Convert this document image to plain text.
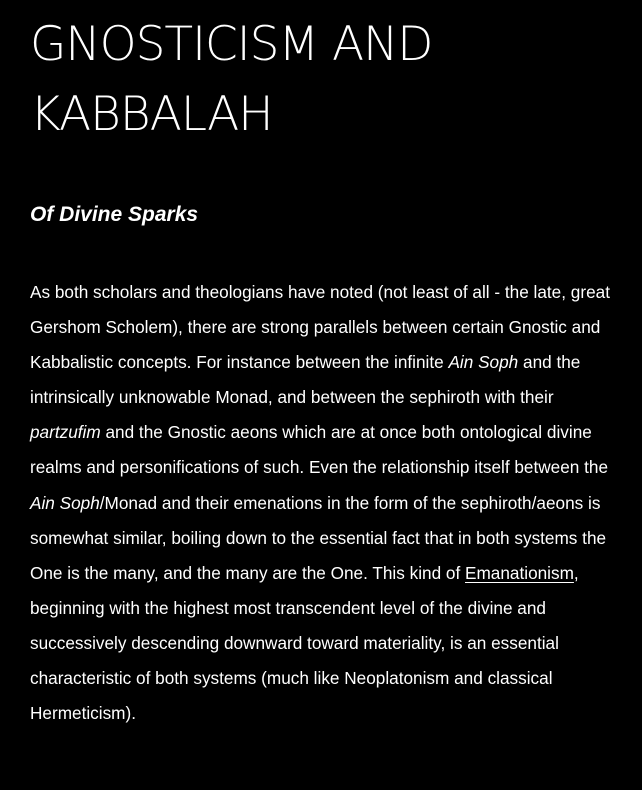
GNOSTICISM AND KABBALAH
Of Divine Sparks

As both scholars and theologians have noted (not least of all - the late, great Gershom Scholem), there are strong parallels between certain Gnostic and Kabbalistic concepts. For instance between the infinite Ain Soph and the intrinsically unknowable Monad, and between the sephiroth with their partzufim and the Gnostic aeons which are at once both ontological divine realms and personifications of such. Even the relationship itself between the Ain Soph/Monad and their emenations in the form of the sephiroth/aeons is somewhat similar, boiling down to the essential fact that in both systems the One is the many, and the many are the One. This kind of Emanationism, beginning with the highest most transcendent level of the divine and successively descending downward toward materiality, is an essential characteristic of both systems (much like Neoplatonism and classical Hermeticism).
